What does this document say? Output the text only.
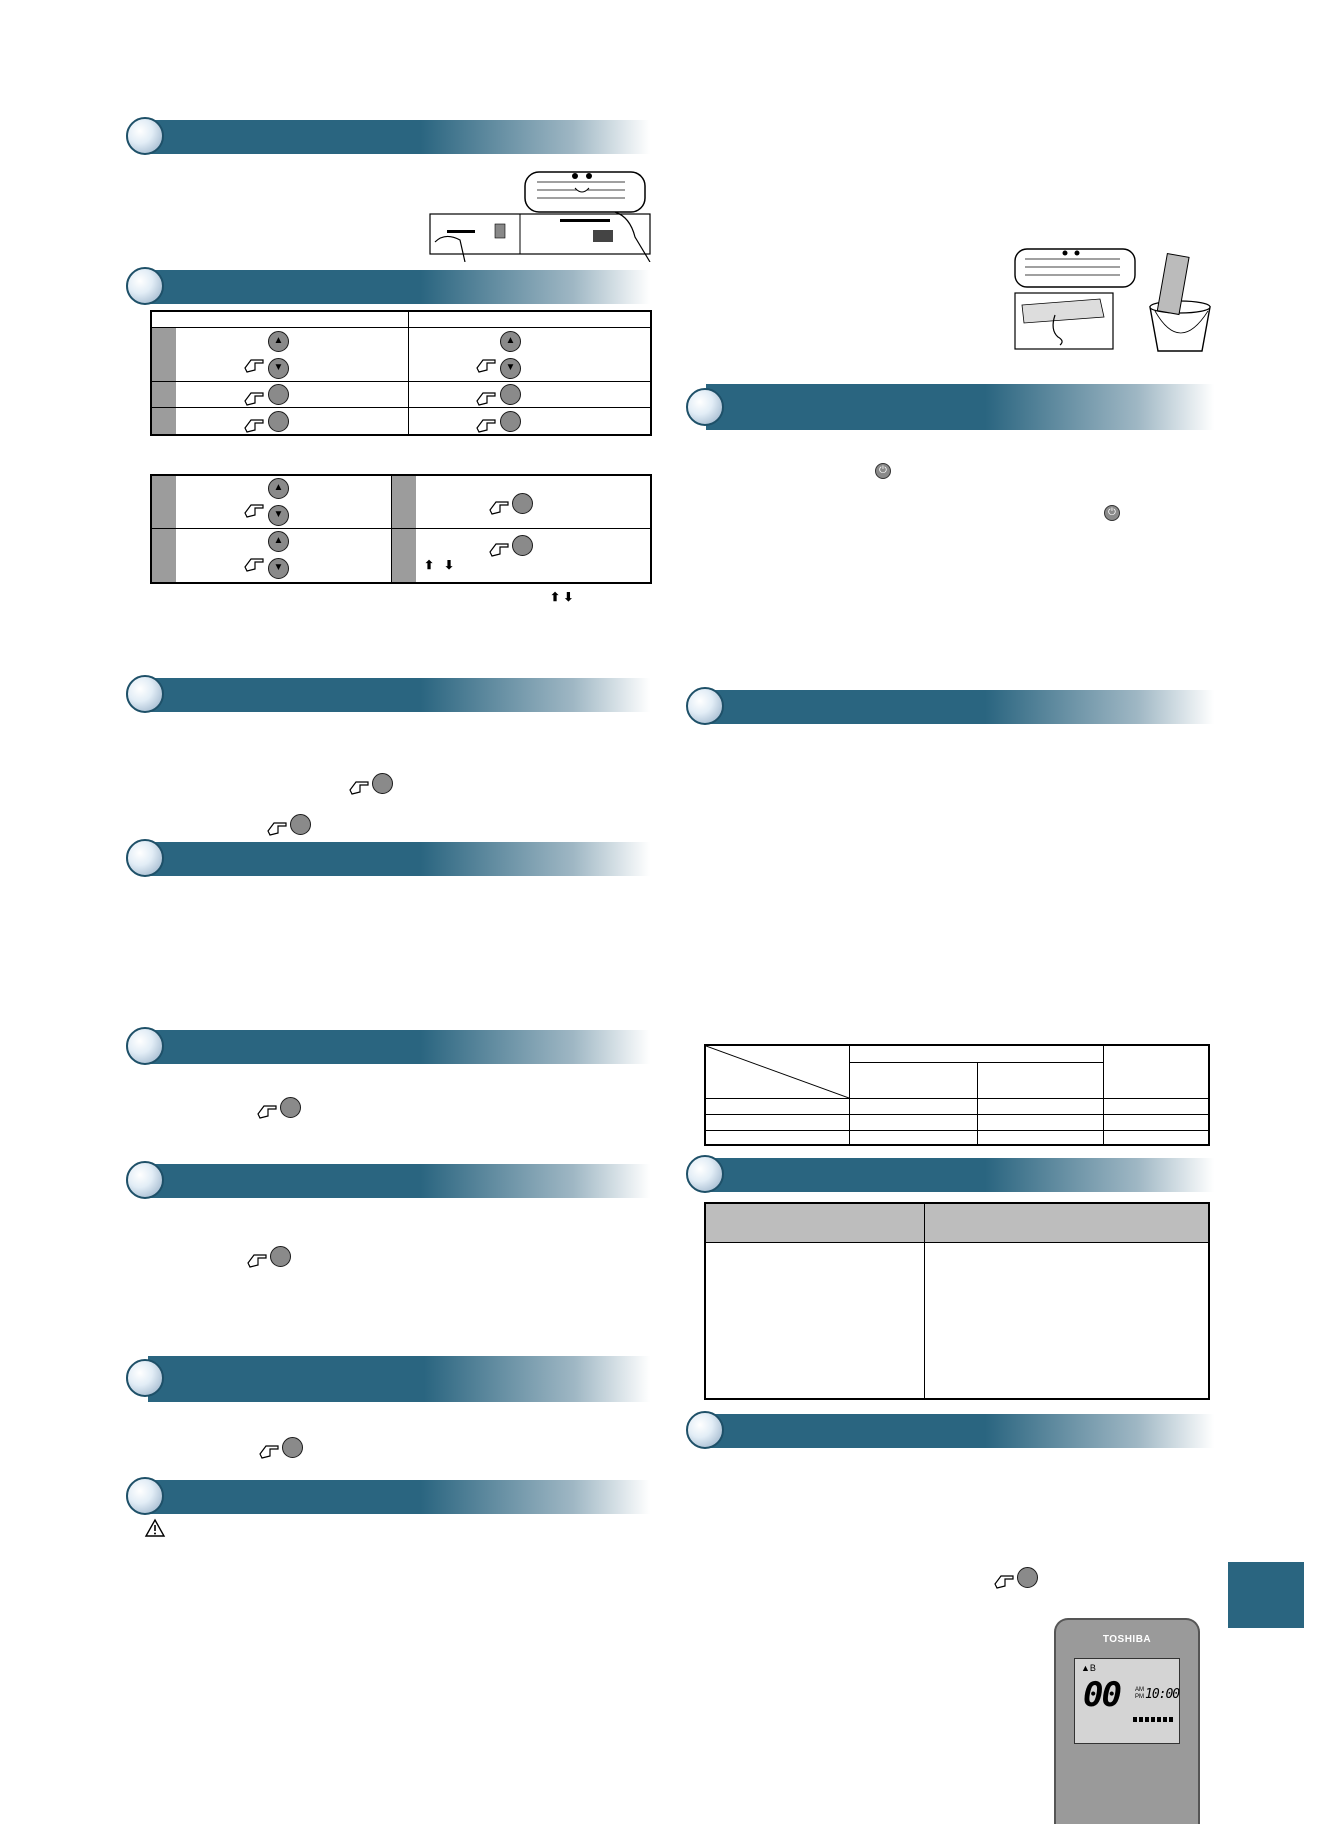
▲
▼
▲
▼
▲
▼
▲
▼	⬆   ⬇
⬆ ⬇
⏻
⏻
TOSHIBA
▲B
00	AM PM 10:00
